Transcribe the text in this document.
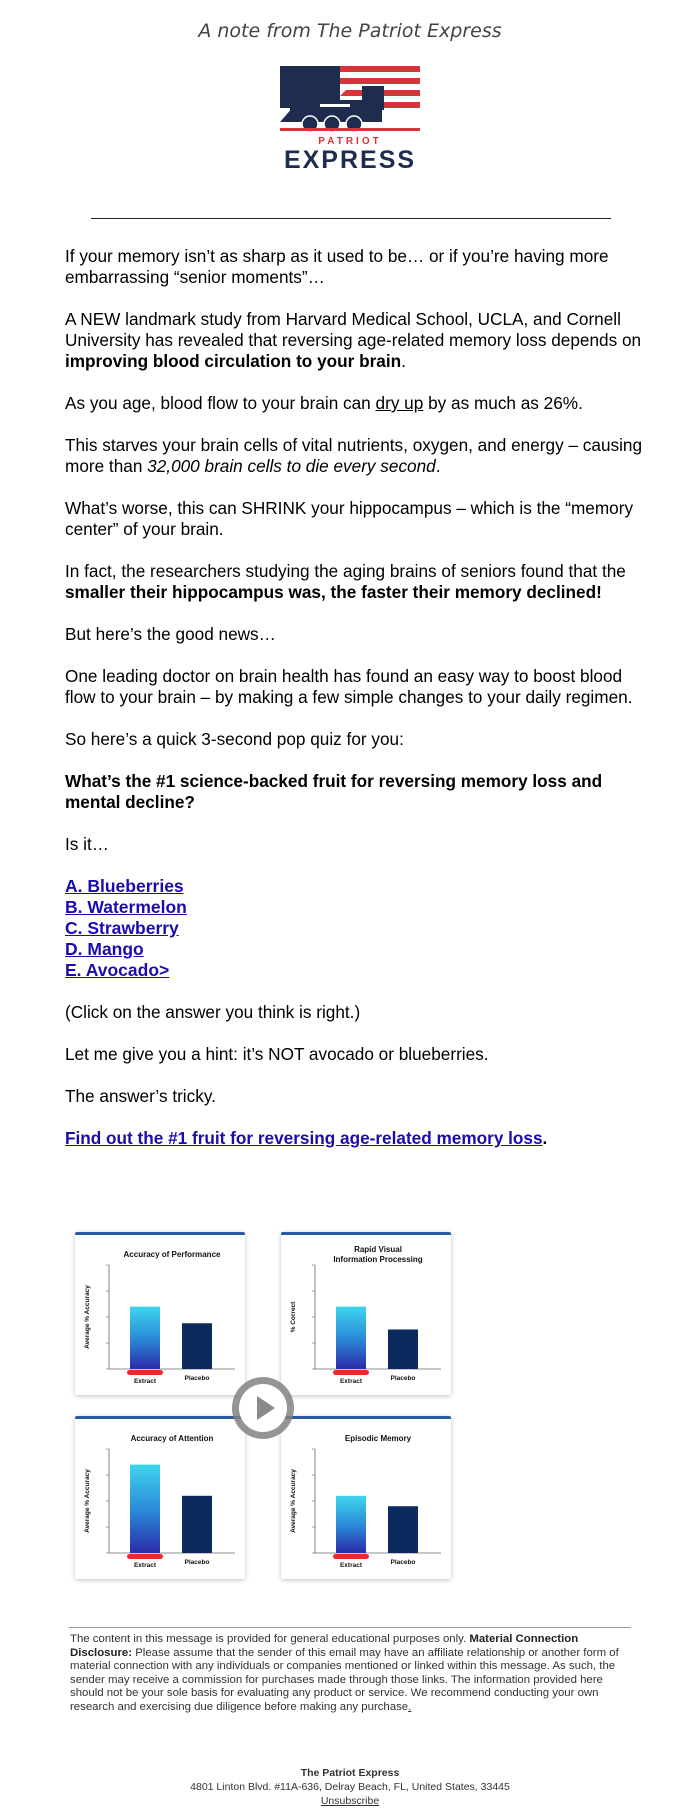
A note from The Patriot Express
PATRIOT
EXPRESS

If your memory isn’t as sharp as it used to be… or if you’re having more embarrassing “senior moments”…

A NEW landmark study from Harvard Medical School, UCLA, and Cornell University has revealed that reversing age-related memory loss depends on improving blood circulation to your brain.

As you age, blood flow to your brain can dry up by as much as 26%.

This starves your brain cells of vital nutrients, oxygen, and energy – causing more than 32,000 brain cells to die every second.

What’s worse, this can SHRINK your hippocampus – which is the “memory center” of your brain.

In fact, the researchers studying the aging brains of seniors found that the smaller their hippocampus was, the faster their memory declined!

But here’s the good news…

One leading doctor on brain health has found an easy way to boost blood flow to your brain – by making a few simple changes to your daily regimen.

So here’s a quick 3-second pop quiz for you:

What’s the #1 science-backed fruit for reversing memory loss and mental decline?

Is it…

A. Blueberries
B. Watermelon
C. Strawberry
D. Mango
E. Avocado>

(Click on the answer you think is right.)

Let me give you a hint: it’s NOT avocado or blueberries.

The answer’s tricky.

Find out the #1 fruit for reversing age-related memory loss.

Accuracy of Performance
Average % Accuracy
Extract	Placebo
Rapid Visual
Information Processing
% Correct
Extract	Placebo
Accuracy of Attention
Average % Accuracy
Extract	Placebo
Episodic Memory
Average % Accuracy
Extract	Placebo
The content in this message is provided for general educational purposes only. Material Connection Disclosure: Please assume that the sender of this email may have an affiliate relationship or another form of material connection with any individuals or companies mentioned or linked within this message. As such, the sender may receive a commission for purchases made through those links. The information provided here should not be your sole basis for evaluating any product or service. We recommend conducting your own research and exercising due diligence before making any purchase.
The Patriot Express
4801 Linton Blvd. #11A-636, Delray Beach, FL, United States, 33445
Unsubscribe
